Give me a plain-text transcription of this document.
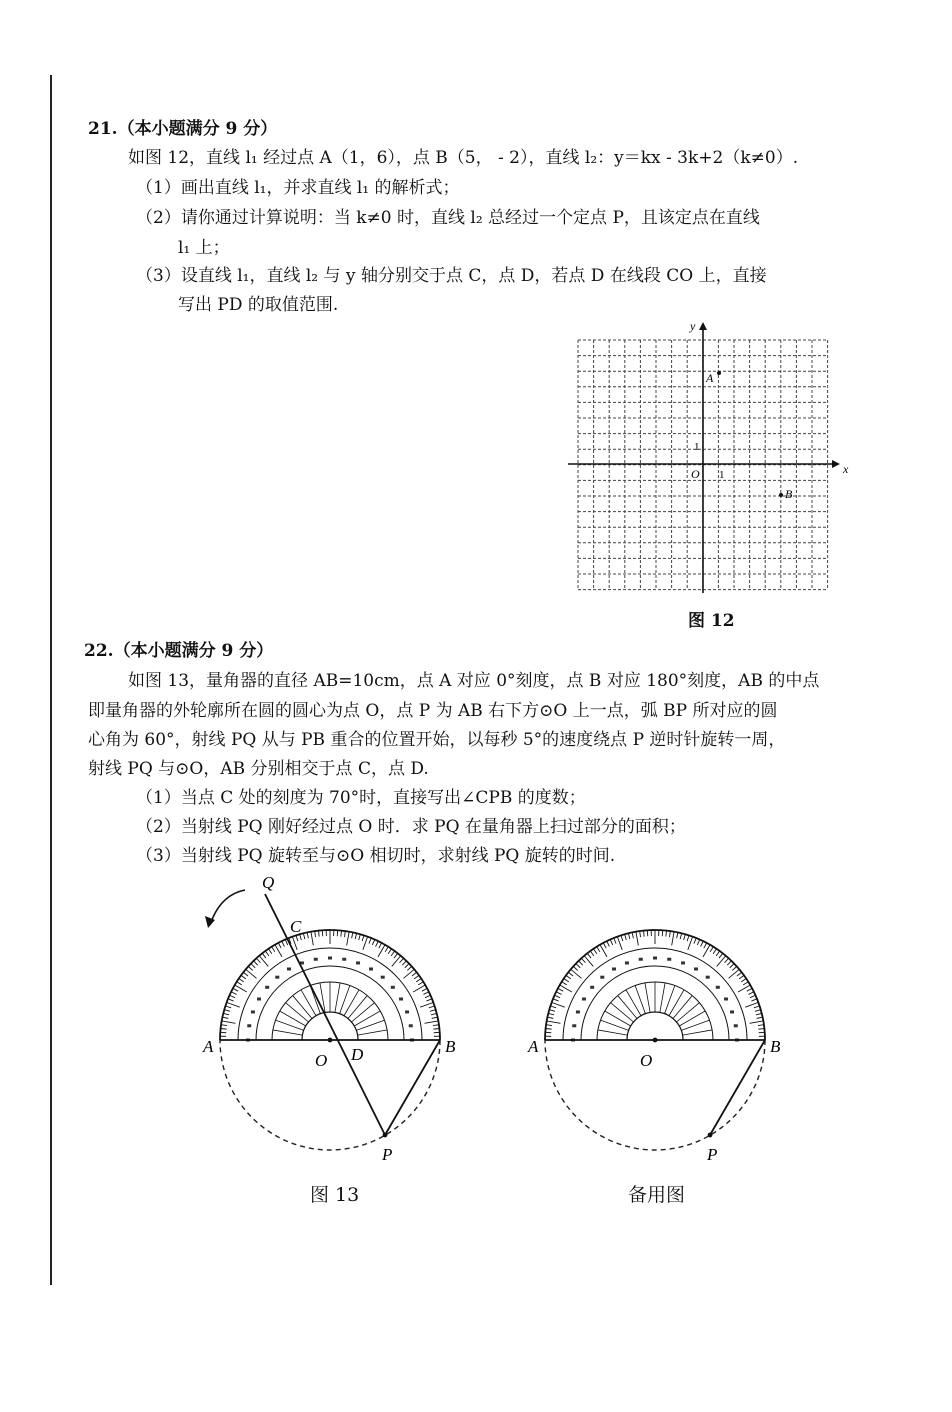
21.（本小题满分 9 分）
如图 12，直线 l₁ 经过点 A（1，6），点 B（5， - 2），直线 l₂：y＝kx - 3k+2（k≠0）.
（1）画出直线 l₁，并求直线 l₁ 的解析式；
（2）请你通过计算说明：当 k≠0 时，直线 l₂ 总经过一个定点 P，且该定点在直线
l₁ 上；
（3）设直线 l₁，直线 l₂ 与 y 轴分别交于点 C，点 D，若点 D 在线段 CO 上，直接
写出 PD 的取值范围.
x
y
O 1
1
A
B
图 12
22.（本小题满分 9 分）
如图 13，量角器的直径 AB=10cm，点 A 对应 0°刻度，点 B 对应 180°刻度，AB 的中点
即量角器的外轮廓所在圆的圆心为点 O，点 P 为 AB 右下方⊙O 上一点，弧 BP 所对应的圆
心角为 60°，射线 PQ 从与 PB 重合的位置开始，以每秒 5°的速度绕点 P 逆时针旋转一周，
射线 PQ 与⊙O，AB 分别相交于点 C，点 D.
（1）当点 C 处的刻度为 70°时，直接写出∠CPB 的度数；
（2）当射线 PQ 刚好经过点 O 时．求 PQ 在量角器上扫过部分的面积；
（3）当射线 PQ 旋转至与⊙O 相切时，求射线 PQ 旋转的时间.
Q
C
A
O D	B
P
图 13
A
O
B
P
备用图
